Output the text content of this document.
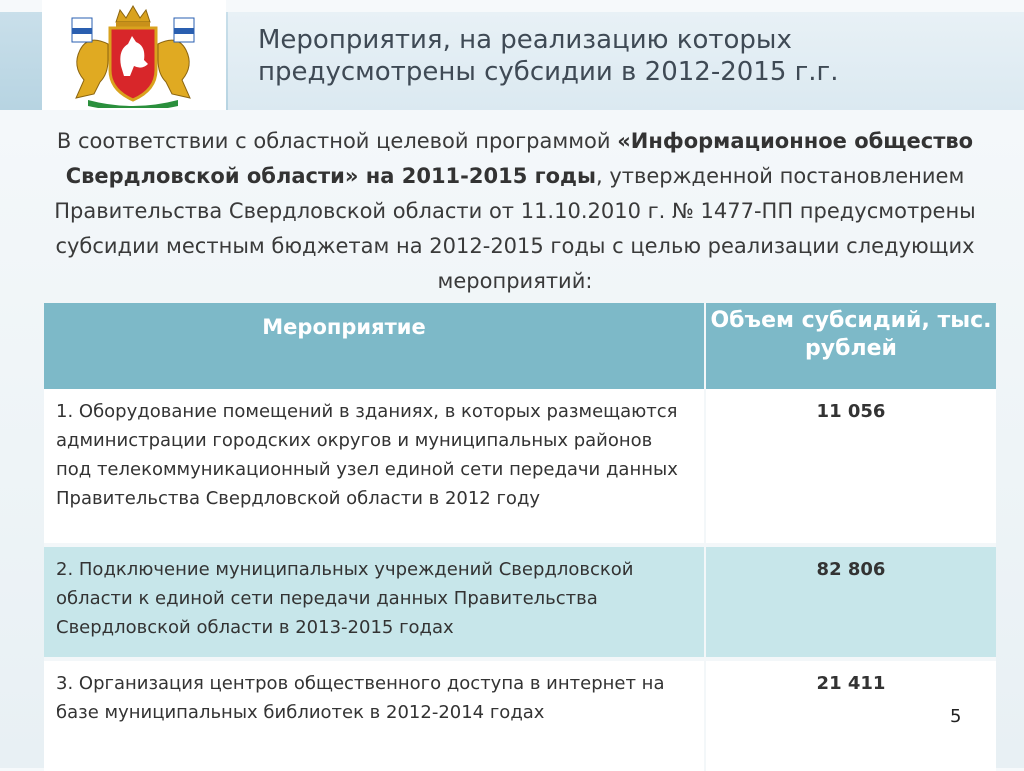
Мероприятия, на реализацию которых
предусмотрены субсидии в 2012-2015 г.г.
В соответствии с областной целевой программой «Информационное общество Свердловской области» на 2011-2015 годы, утвержденной постановлением Правительства Свердловской области от 11.10.2010 г. № 1477-ПП предусмотрены субсидии местным бюджетам на 2012-2015 годы с целью реализации следующих мероприятий:
Мероприятие	Объем субсидий, тыс. рублей

1. Оборудование помещений в зданиях, в которых размещаются администрации городских округов и муниципальных районов под телекоммуникационный узел единой сети передачи данных Правительства Свердловской области в 2012 году	11 056

2. Подключение муниципальных учреждений Свердловской области к единой сети передачи данных Правительства Свердловской области в 2013-2015 годах	82 806

3. Организация центров общественного доступа в интернет на базе муниципальных библиотек в 2012-2014 годах	21 411
5
